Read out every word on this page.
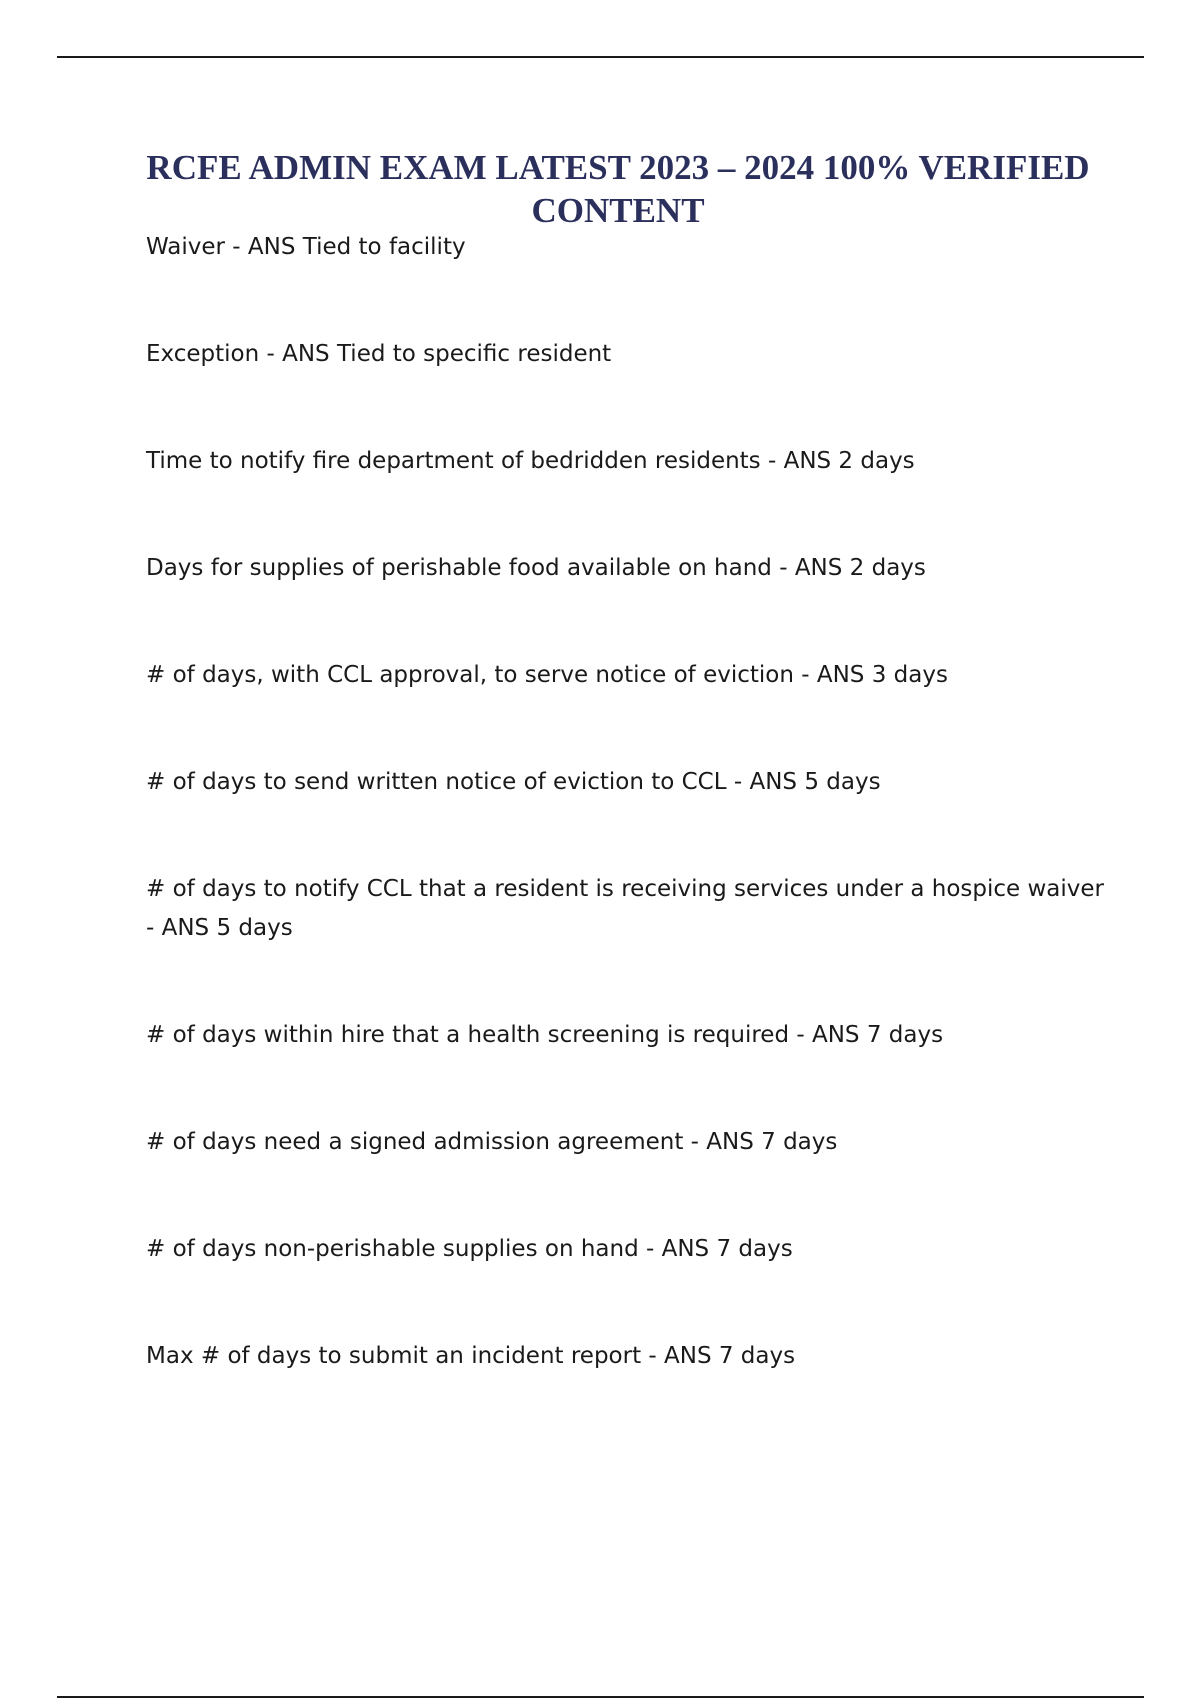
RCFE ADMIN EXAM LATEST 2023 – 2024 100% VERIFIED CONTENT
Waiver - ANS Tied to facility
Exception - ANS Tied to specific resident
Time to notify fire department of bedridden residents - ANS 2 days
Days for supplies of perishable food available on hand - ANS 2 days
# of days, with CCL approval, to serve notice of eviction - ANS 3 days
# of days to send written notice of eviction to CCL - ANS 5 days
# of days to notify CCL that a resident is receiving services under a hospice waiver - ANS 5 days
# of days within hire that a health screening is required - ANS 7 days
# of days need a signed admission agreement - ANS 7 days
# of days non-perishable supplies on hand - ANS 7 days
Max # of days to submit an incident report - ANS 7 days
